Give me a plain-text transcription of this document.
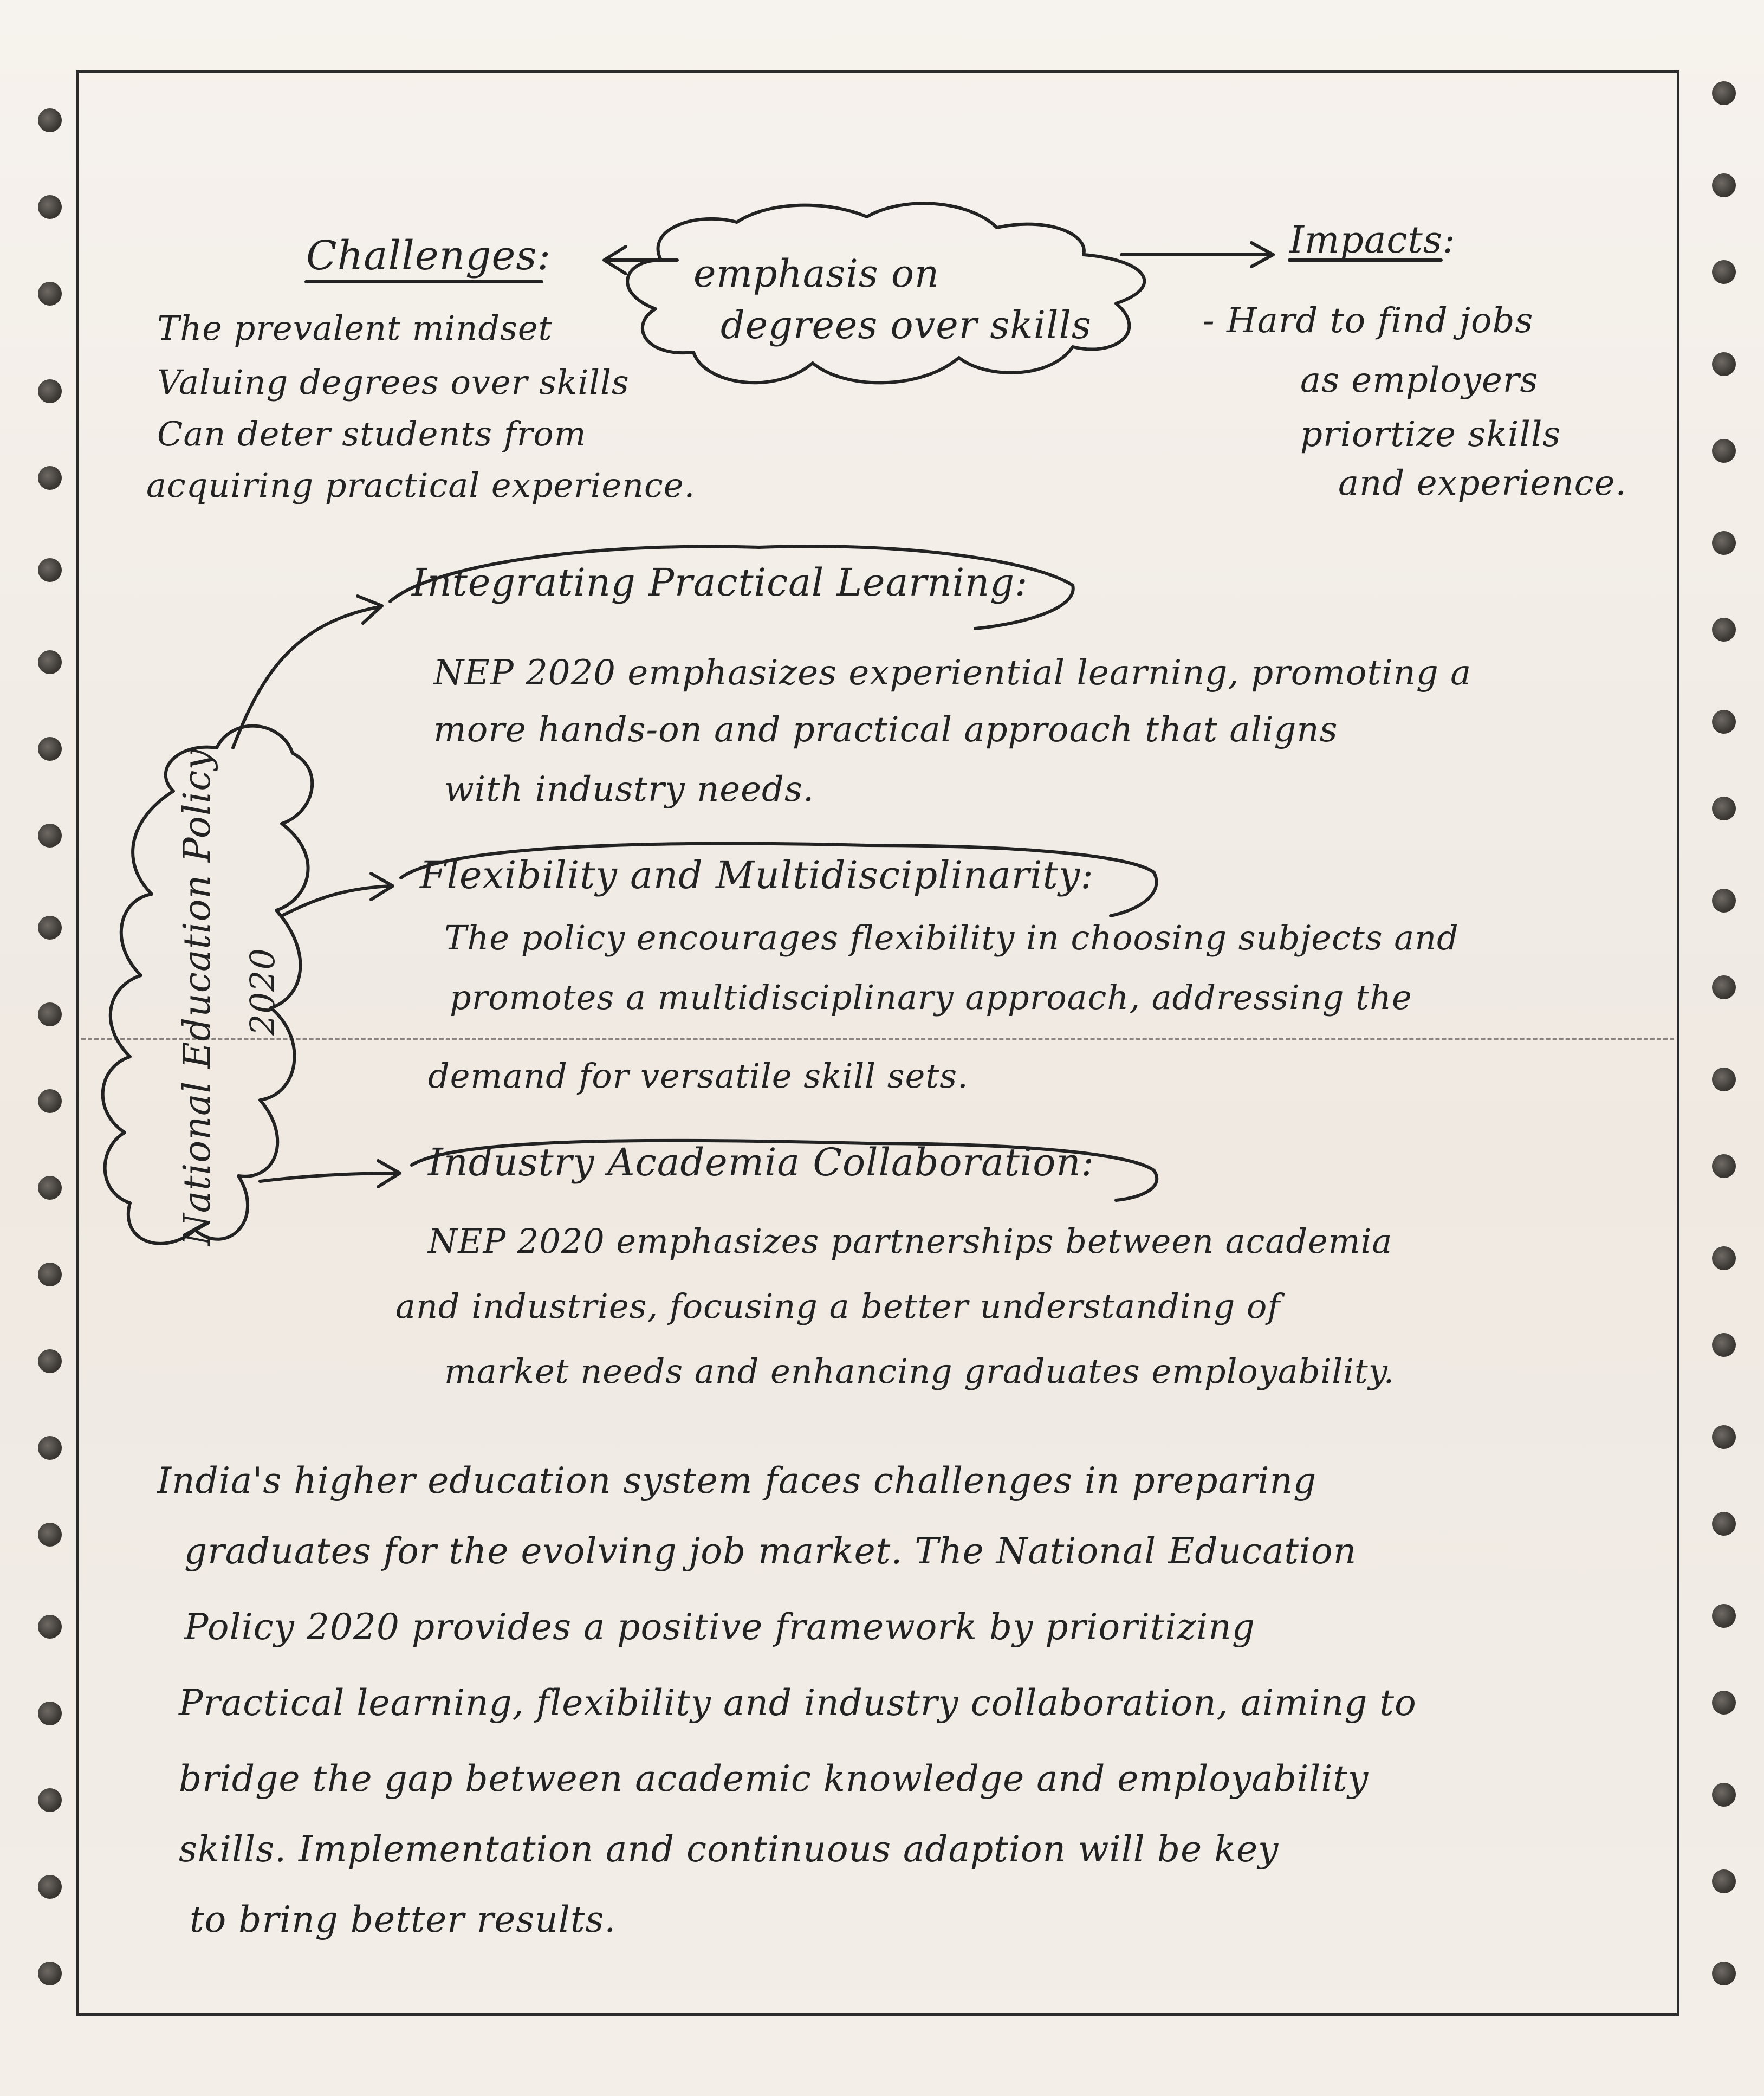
emphasis on
degrees over skills
Challenges:
The prevalent mindset
Valuing degrees over skills
Can deter students from
acquiring practical experience.
Impacts:
- Hard to find jobs
as employers
priortize skills
and experience.
National Education Policy 2020
Integrating Practical Learning:
NEP 2020 emphasizes experiential learning, promoting a
more hands-on and practical approach that aligns
with industry needs.
Flexibility and Multidisciplinarity:
The policy encourages flexibility in choosing subjects and
promotes a multidisciplinary approach, addressing the
demand for versatile skill sets.
Industry Academia Collaboration:
NEP 2020 emphasizes partnerships between academia
and industries, focusing a better understanding of
market needs and enhancing graduates employability.
India's higher education system faces challenges in preparing
graduates for the evolving job market. The National Education
Policy 2020 provides a positive framework by prioritizing
Practical learning, flexibility and industry collaboration, aiming to
bridge the gap between academic knowledge and employability
skills. Implementation and continuous adaption will be key
to bring better results.
